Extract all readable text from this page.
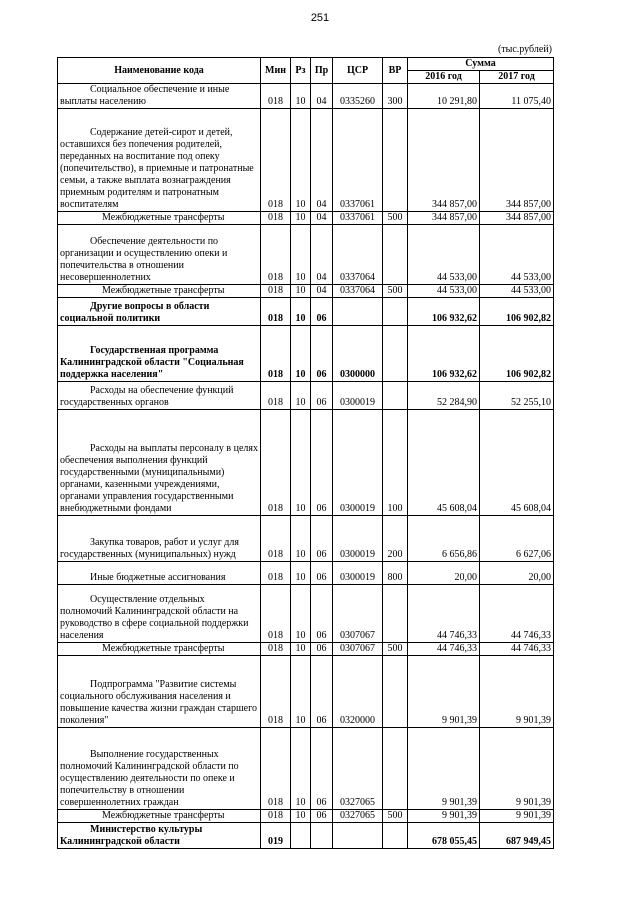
251
(тыс.рублей)
Наименование кода	Мин	Рз	Пр	ЦСР	ВР	Сумма	
						2016 год	2017 год
Социальное обеспечение и иные выплаты населению	018	10	04	0335260	300	10 291,80	11 075,40
Содержание детей-сирот и детей, оставшихся без попечения родителей, переданных на воспитание под опеку (попечительство), в приемные и патронатные семьи, а также выплата вознаграждения приемным родителям и патронатным воспитателям	018	10	04	0337061		344 857,00	344 857,00
Межбюджетные трансферты	018	10	04	0337061	500	344 857,00	344 857,00
Обеспечение деятельности по организации и осуществлению опеки и попечительства в отношении несовершеннолетних	018	10	04	0337064		44 533,00	44 533,00
Межбюджетные трансферты	018	10	04	0337064	500	44 533,00	44 533,00
Другие вопросы в области социальной политики	018	10	06			106 932,62	106 902,82
Государственная программа Калининградской области "Социальная поддержка населения"	018	10	06	0300000		106 932,62	106 902,82
Расходы на обеспечение функций государственных органов	018	10	06	0300019		52 284,90	52 255,10
Расходы на выплаты персоналу в целях обеспечения выполнения функций государственными (муниципальными) органами, казенными учреждениями, органами управления государственными внебюджетными фондами	018	10	06	0300019	100	45 608,04	45 608,04
Закупка товаров, работ и услуг для государственных (муниципальных) нужд	018	10	06	0300019	200	6 656,86	6 627,06
Иные бюджетные ассигнования	018	10	06	0300019	800	20,00	20,00
Осуществление отдельных полномочий Калининградской области на руководство в сфере социальной поддержки населения	018	10	06	0307067		44 746,33	44 746,33
Межбюджетные трансферты	018	10	06	0307067	500	44 746,33	44 746,33
Подпрограмма "Развитие системы социального обслуживания населения и повышение качества жизни граждан старшего поколения"	018	10	06	0320000		9 901,39	9 901,39
Выполнение государственных полномочий Калининградской области по осуществлению деятельности по опеке и попечительству в отношении совершеннолетних граждан	018	10	06	0327065		9 901,39	9 901,39
Межбюджетные трансферты	018	10	06	0327065	500	9 901,39	9 901,39
Министерство культуры Калининградской области	019					678 055,45	687 949,45
